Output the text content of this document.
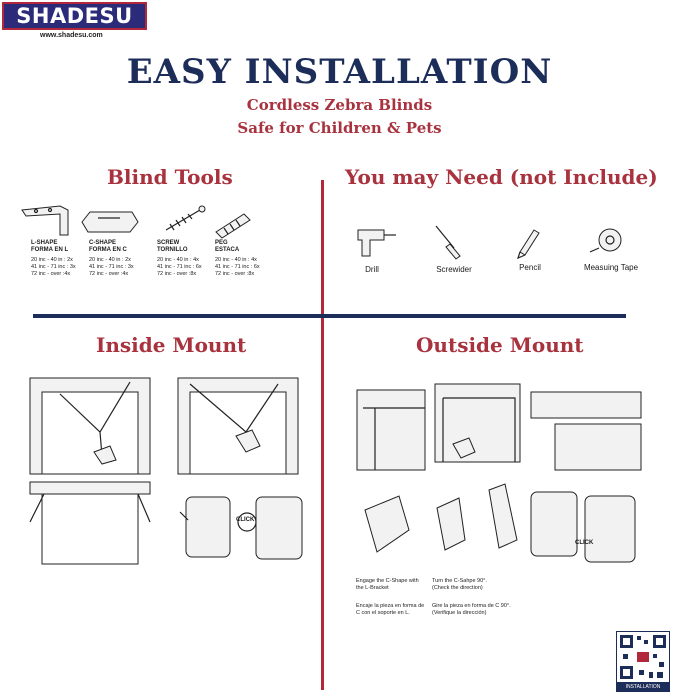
SHADESU
www.shadesu.com
EASY INSTALLATION
Cordless Zebra Blinds
Safe for Children & Pets
Blind Tools	You may Need (not Include)
Inside Mount	Outside Mount
L-SHAPE
FORMA EN L
20 inc - 40 in : 2x
41 inc - 71 inc : 3x
72 inc - over :4x
C-SHAPE
FORMA EN C
20 inc - 40 in : 2x
41 inc - 71 inc : 3x
72 inc - over :4x
SCREW
TORNILLO
20 inc - 40 in : 4x
41 inc - 71 inc : 6x
72 inc - over :8x
PEG
ESTACA
20 inc - 40 in : 4x
41 inc - 71 inc : 6x
72 inc - over :8x	Drill	Screwider	Pencil	Measuing Tape
CLICK
CLICK
Engage the C-Shape with
the L-Bracket
Encaje la pieza en forma de
C con el soporte en L.
Turn the C-Sahpe 90°.
(Check the direction)
Gire la pieza en forma de C 90°.
(Verifique la dirección)
INSTALLATION
